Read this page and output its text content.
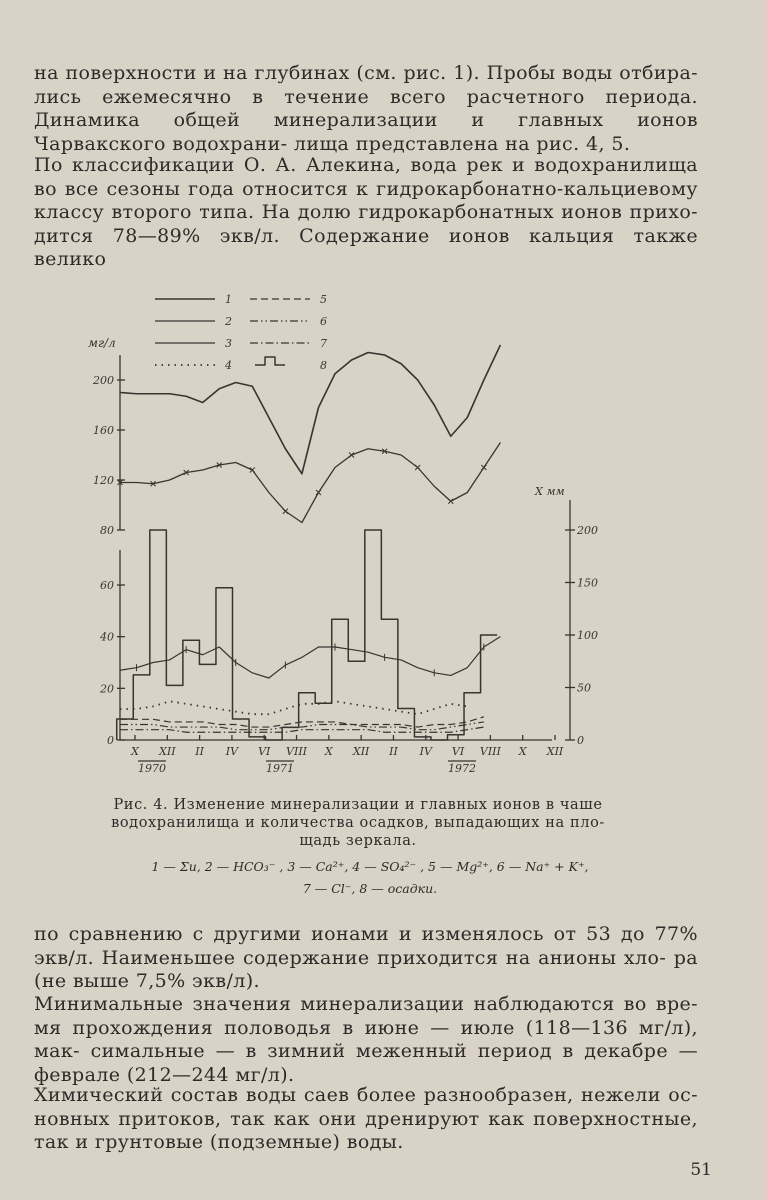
на поверхности и на глубинах (см. рис. 1). Пробы воды отбира- лись ежемесячно в течение всего расчетного периода. Динамика общей минерализации и главных ионов Чарвакского водохрани- лища представлена на рис. 4, 5.

По классификации О. А. Алекина, вода рек и водохранилища во все сезоны года относится к гидрокарбонатно-кальциевому классу второго типа. На долю гидрокарбонатных ионов прихо- дится 78—89% экв/л. Содержание ионов кальция также велико

1
2
3
4
5
6
7
8
мг/л
X мм
200
160
120
80
60
40
20
0
200
150
100
50
0
X XII II IV VI VIII X XII II IV VI VIII X XII
1970	1971	1972

Рис. 4. Изменение минерализации и главных ионов в чаше водохранилища и количества осадков, выпадающих на пло- щадь зеркала.

1 — Σu, 2 — HCO₃⁻ , 3 — Ca²⁺, 4 — SO₄²⁻ , 5 — Mg²⁺, 6 — Na⁺ + K⁺,
7 — Cl⁻, 8 — осадки.

по сравнению с другими ионами и изменялось от 53 до 77% экв/л. Наименьшее содержание приходится на анионы хло- ра (не выше 7,5% экв/л).

Минимальные значения минерализации наблюдаются во вре- мя прохождения половодья в июне — июле (118—136 мг/л), мак- симальные — в зимний меженный период в декабре — феврале (212—244 мг/л).

Химический состав воды саев более разнообразен, нежели ос- новных притоков, так как они дренируют как поверхностные, так и грунтовые (подземные) воды.

51
